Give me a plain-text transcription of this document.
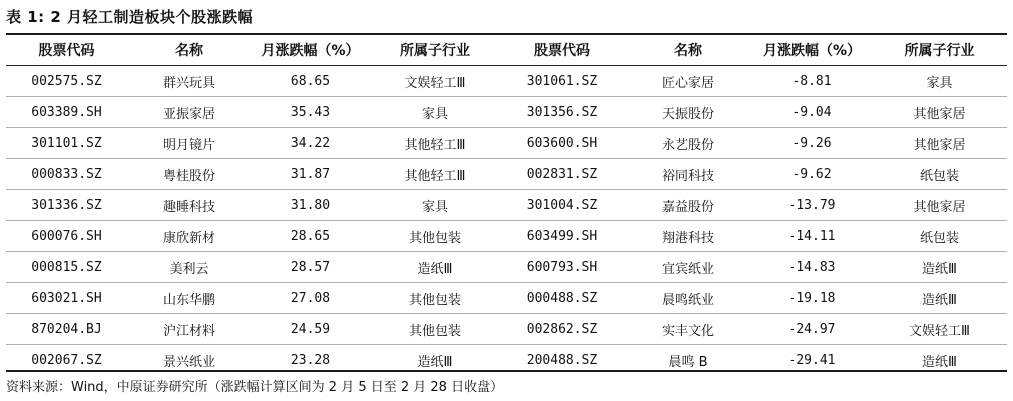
表 1: 2 月轻工制造板块个股涨跌幅
股票代码	名称	月涨跌幅（%）	所属子行业	股票代码	名称	月涨跌幅（%）	所属子行业
002575.SZ	群兴玩具	68.65	文娱轻工Ⅲ	301061.SZ	匠心家居	-8.81	家具
603389.SH	亚振家居	35.43	家具	301356.SZ	天振股份	-9.04	其他家居
301101.SZ	明月镜片	34.22	其他轻工Ⅲ	603600.SH	永艺股份	-9.26	其他家居
000833.SZ	粤桂股份	31.87	其他轻工Ⅲ	002831.SZ	裕同科技	-9.62	纸包装
301336.SZ	趣睡科技	31.80	家具	301004.SZ	嘉益股份	-13.79	其他家居
600076.SH	康欣新材	28.65	其他包装	603499.SH	翔港科技	-14.11	纸包装
000815.SZ	美利云	28.57	造纸Ⅲ	600793.SH	宜宾纸业	-14.83	造纸Ⅲ
603021.SH	山东华鹏	27.08	其他包装	000488.SZ	晨鸣纸业	-19.18	造纸Ⅲ
870204.BJ	沪江材料	24.59	其他包装	002862.SZ	实丰文化	-24.97	文娱轻工Ⅲ
002067.SZ	景兴纸业	23.28	造纸Ⅲ	200488.SZ	晨鸣 B	-29.41	造纸Ⅲ
资料来源：Wind，中原证券研究所（涨跌幅计算区间为 2 月 5 日至 2 月 28 日收盘）
